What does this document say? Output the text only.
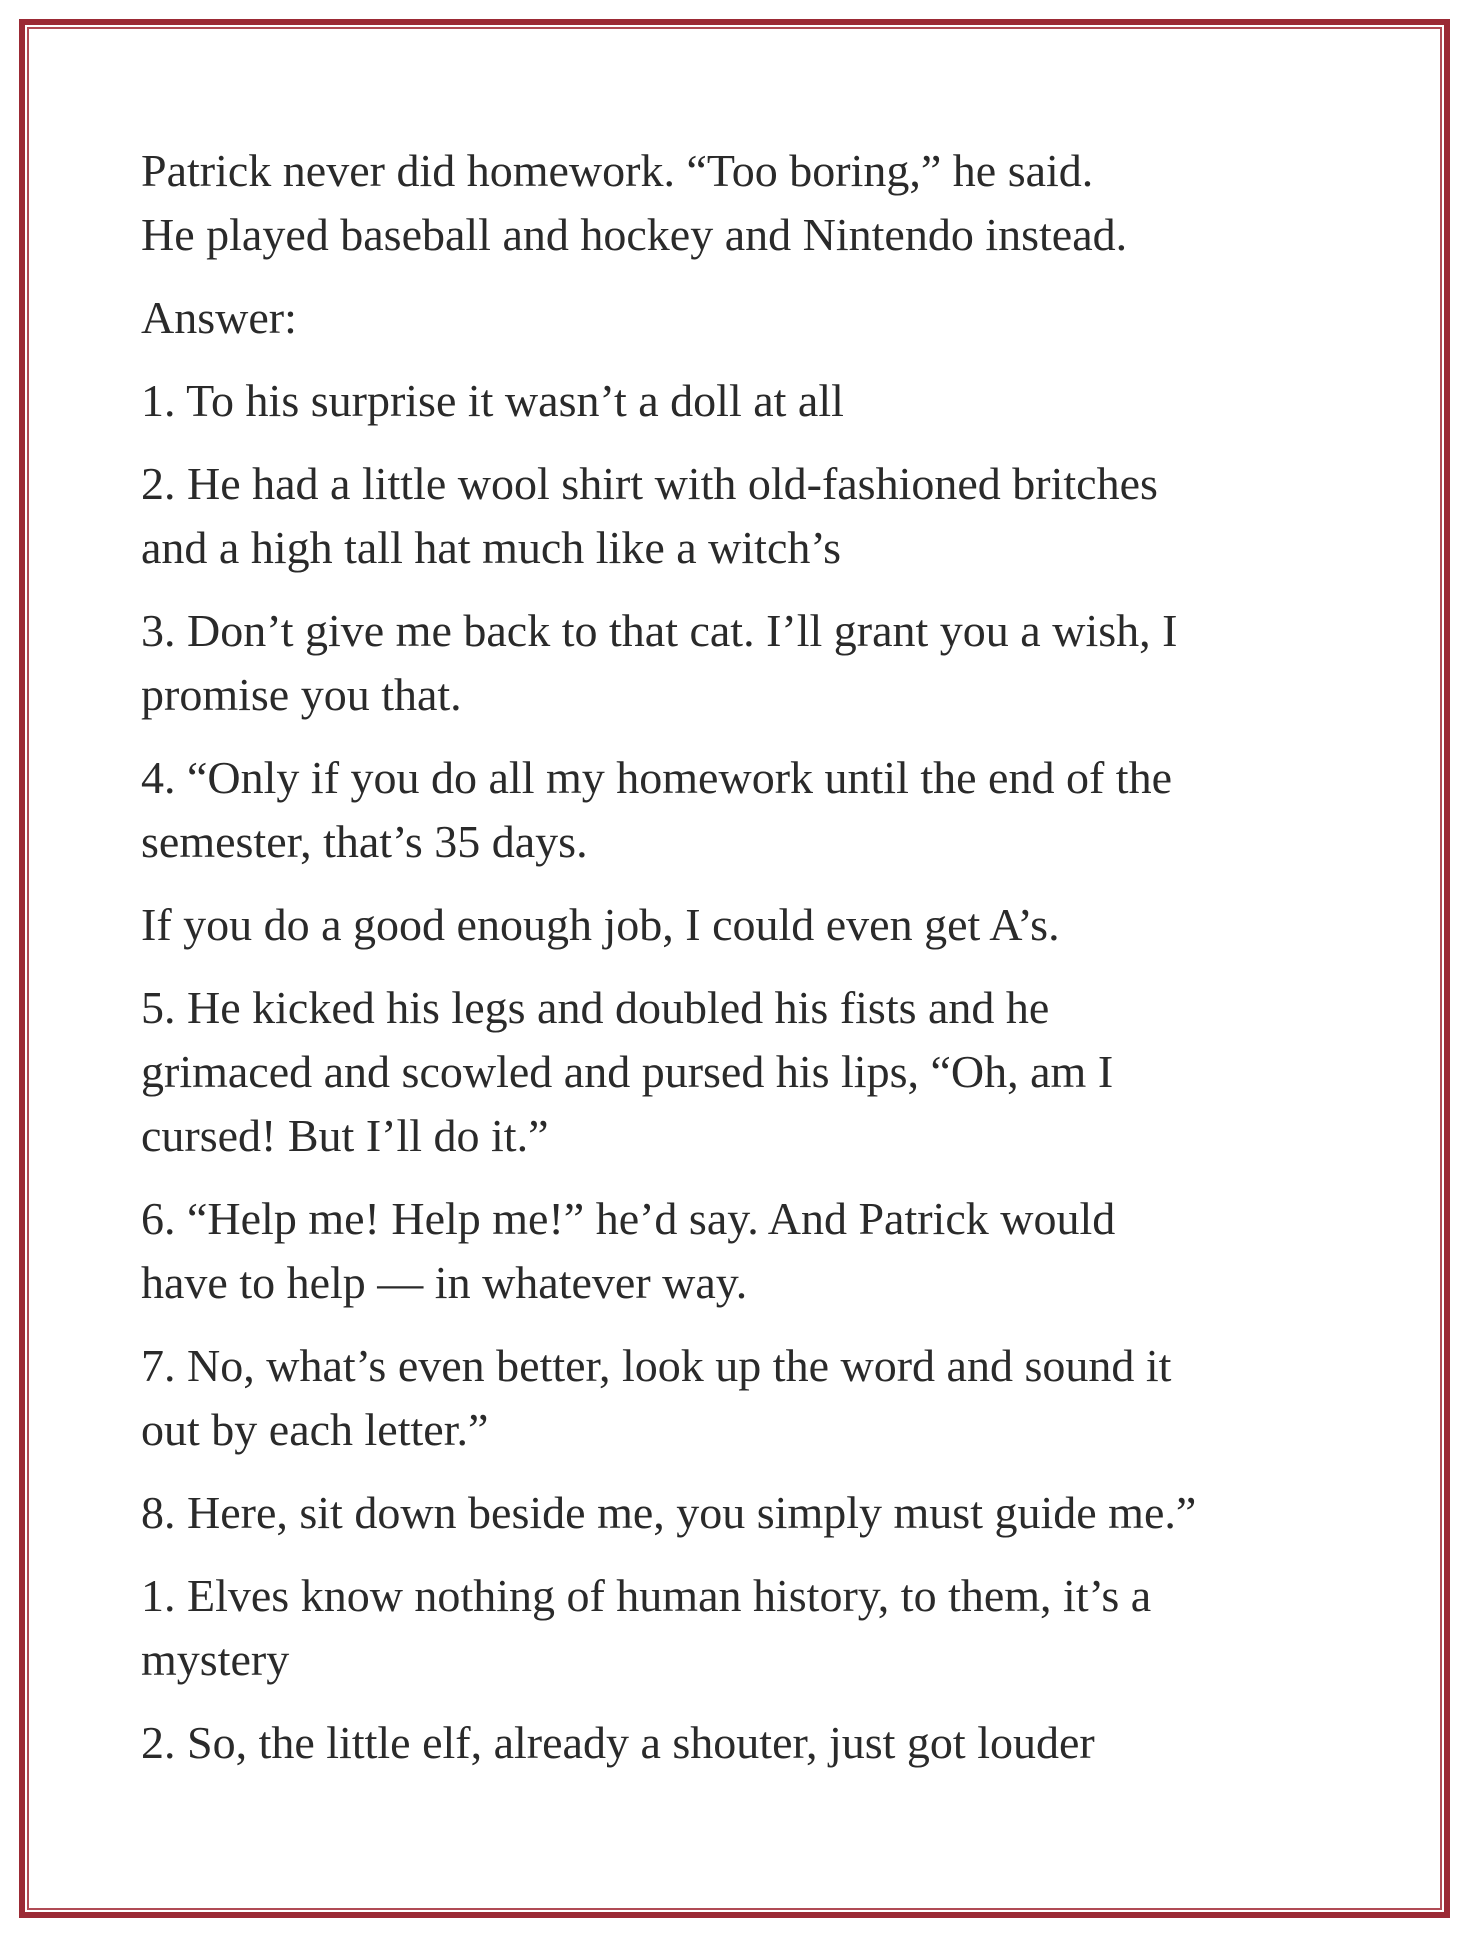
Patrick never did homework. “Too boring,” he said.
He played baseball and hockey and Nintendo instead.

Answer:

1. To his surprise it wasn’t a doll at all

2. He had a little wool shirt with old-fashioned britches
and a high tall hat much like a witch’s

3. Don’t give me back to that cat. I’ll grant you a wish, I
promise you that.

4. “Only if you do all my homework until the end of the
semester, that’s 35 days.

If you do a good enough job, I could even get A’s.

5. He kicked his legs and doubled his fists and he
grimaced and scowled and pursed his lips, “Oh, am I
cursed! But I’ll do it.”

6. “Help me! Help me!” he’d say. And Patrick would
have to help — in whatever way.

7. No, what’s even better, look up the word and sound it
out by each letter.”

8. Here, sit down beside me, you simply must guide me.”

1. Elves know nothing of human history, to them, it’s a
mystery

2. So, the little elf, already a shouter, just got louder
